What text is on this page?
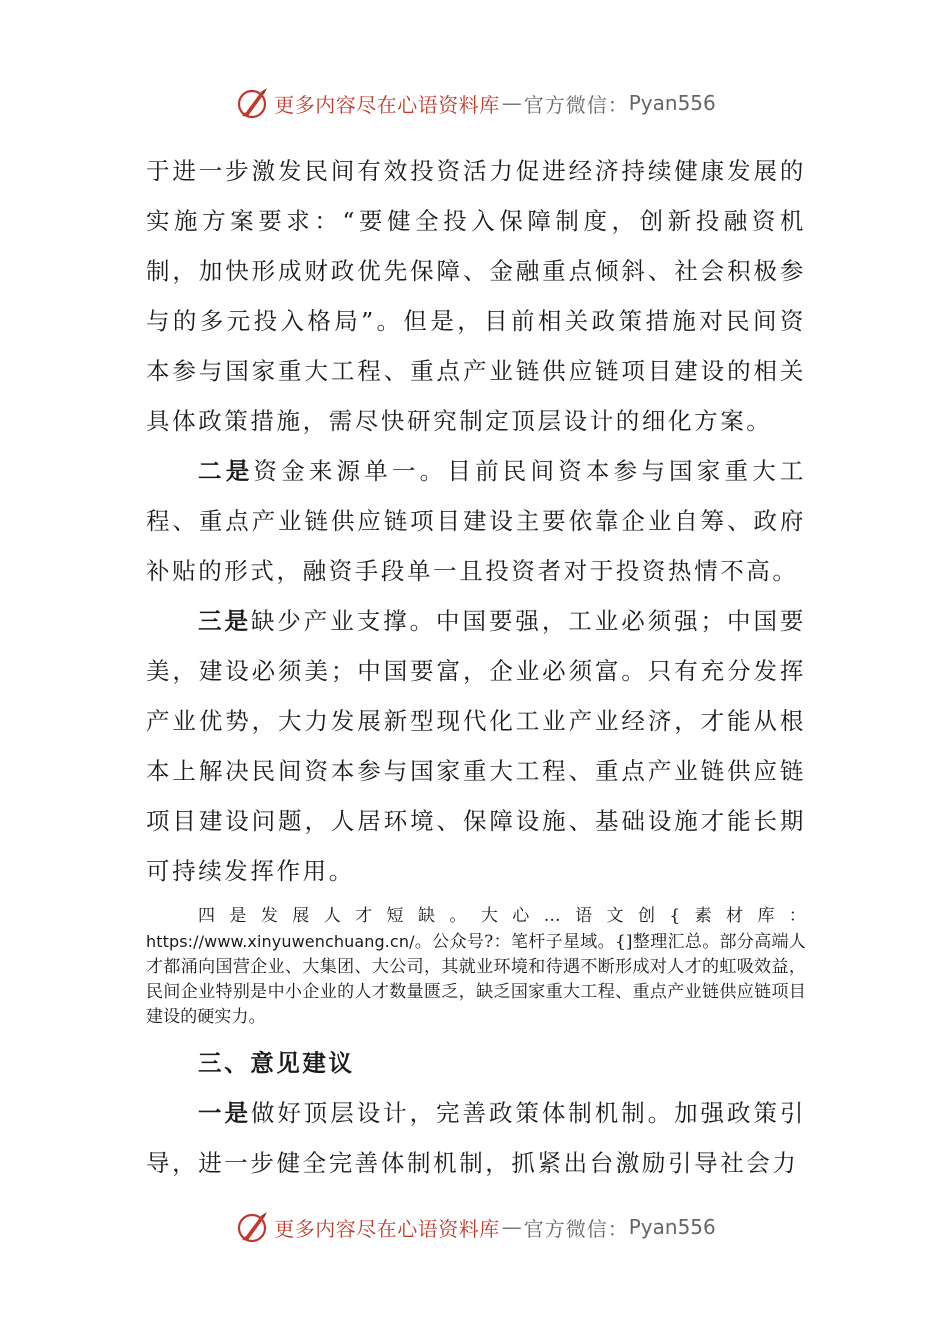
更多内容尽在心语资料库 — 官方微信： Pyan556

于进一步激发民间有效投资活力促进经济持续健康发展的实施方案要求：“要健全投入保障制度，创新投融资机制，加快形成财政优先保障、金融重点倾斜、社会积极参与的多元投入格局”。但是，目前相关政策措施对民间资本参与国家重大工程、重点产业链供应链项目建设的相关具体政策措施，需尽快研究制定顶层设计的细化方案。

二是资金来源单一。目前民间资本参与国家重大工程、重点产业链供应链项目建设主要依靠企业自筹、政府补贴的形式，融资手段单一且投资者对于投资热情不高。

三是缺少产业支撑。中国要强，工业必须强；中国要美，建设必须美；中国要富，企业必须富。只有充分发挥产业优势，大力发展新型现代化工业产业经济，才能从根本上解决民间资本参与国家重大工程、重点产业链供应链项目建设问题，人居环境、保障设施、基础设施才能长期可持续发挥作用。

四是发展人才短缺。大心…语文创{素材库：https://www.xinyuwenchuang.cn/。公众号?：笔杆子星域。{]整理汇总。部分高端人才都涌向国营企业、大集团、大公司，其就业环境和待遇不断形成对人才的虹吸效益，民间企业特别是中小企业的人才数量匮乏，缺乏国家重大工程、重点产业链供应链项目建设的硬实力。

三、意见建议

一是做好顶层设计，完善政策体制机制。加强政策引导，进一步健全完善体制机制，抓紧出台激励引导社会力

更多内容尽在心语资料库 — 官方微信： Pyan556
